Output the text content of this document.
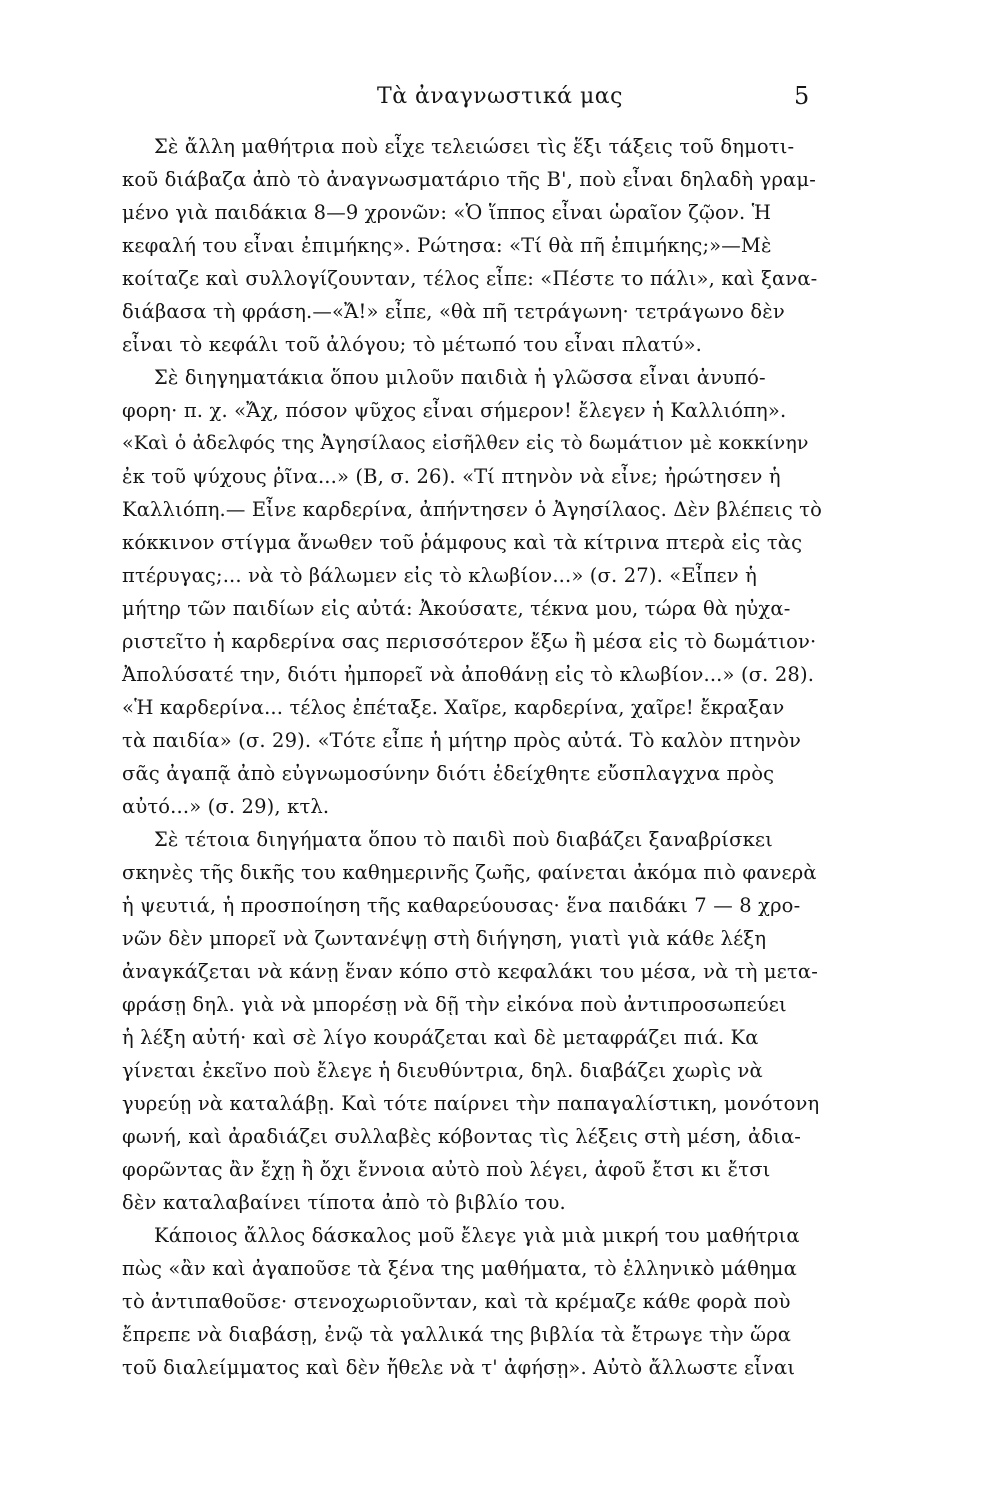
Τὰ ἀναγνωστικά μας	5

Σὲ ἄλλη μαθήτρια ποὺ εἶχε τελειώσει τὶς ἕξι τάξεις τοῦ δημοτι-

κοῦ διάβαζα ἀπὸ τὸ ἀναγνωσματάριο τῆς Β', ποὺ εἶναι δηλαδὴ γραμ-

μένο γιὰ παιδάκια 8—9 χρονῶν: «Ὁ ἵππος εἶναι ὡραῖον ζῷον. Ἡ

κεφαλή του εἶναι ἐπιμήκης». Ρώτησα: «Τί θὰ πῆ ἐπιμήκης;»—Μὲ

κοίταζε καὶ συλλογίζουνταν, τέλος εἶπε: «Πέστε το πάλι», καὶ ξανα-

διάβασα τὴ φράση.—«Ἄ!» εἶπε, «θὰ πῆ τετράγωνη· τετράγωνο δὲν

εἶναι τὸ κεφάλι τοῦ ἀλόγου; τὸ μέτωπό του εἶναι πλατύ».

Σὲ διηγηματάκια ὅπου μιλοῦν παιδιὰ ἡ γλῶσσα εἶναι ἀνυπό-

φορη· π. χ. «Ἄχ, πόσον ψῦχος εἶναι σήμερον! ἔλεγεν ἡ Καλλιόπη».

«Καὶ ὁ ἀδελφός της Ἀγησίλαος εἰσῆλθεν εἰς τὸ δωμάτιον μὲ κοκκίνην

ἐκ τοῦ ψύχους ῥῖνα...» (Β, σ. 26). «Τί πτηνὸν νὰ εἶνε; ἠρώτησεν ἡ

Καλλιόπη.— Εἶνε καρδερίνα, ἀπήντησεν ὁ Ἀγησίλαος. Δὲν βλέπεις τὸ

κόκκινον στίγμα ἄνωθεν τοῦ ῥάμφους καὶ τὰ κίτρινα πτερὰ εἰς τὰς

πτέρυγας;... νὰ τὸ βάλωμεν εἰς τὸ κλωβίον...» (σ. 27). «Εἶπεν ἡ

μήτηρ τῶν παιδίων εἰς αὐτά: Ἀκούσατε, τέκνα μου, τώρα θὰ ηὐχα-

ριστεῖτο ἡ καρδερίνα σας περισσότερον ἔξω ἢ μέσα εἰς τὸ δωμάτιον·

Ἀπολύσατέ την, διότι ἠμπορεῖ νὰ ἀποθάνῃ εἰς τὸ κλωβίον...» (σ. 28).

«Ἡ καρδερίνα... τέλος ἐπέταξε. Χαῖρε, καρδερίνα, χαῖρε! ἔκραξαν

τὰ παιδία» (σ. 29). «Τότε εἶπε ἡ μήτηρ πρὸς αὐτά. Τὸ καλὸν πτηνὸν

σᾶς ἀγαπᾷ ἀπὸ εὐγνωμοσύνην διότι ἐδείχθητε εὔσπλαγχνα πρὸς

αὐτό...» (σ. 29), κτλ.

Σὲ τέτοια διηγήματα ὅπου τὸ παιδὶ ποὺ διαβάζει ξαναβρίσκει

σκηνὲς τῆς δικῆς του καθημερινῆς ζωῆς, φαίνεται ἀκόμα πιὸ φανερὰ

ἡ ψευτιά, ἡ προσποίηση τῆς καθαρεύουσας· ἕνα παιδάκι 7 — 8 χρο-

νῶν δὲν μπορεῖ νὰ ζωντανέψῃ στὴ διήγηση, γιατὶ γιὰ κάθε λέξη

ἀναγκάζεται νὰ κάνῃ ἕναν κόπο στὸ κεφαλάκι του μέσα, νὰ τὴ μετα-

φράσῃ δηλ. γιὰ νὰ μπορέσῃ νὰ δῇ τὴν εἰκόνα ποὺ ἀντιπροσωπεύει

ἡ λέξη αὐτή· καὶ σὲ λίγο κουράζεται καὶ δὲ μεταφράζει πιά. Κα

γίνεται ἐκεῖνο ποὺ ἔλεγε ἡ διευθύντρια, δηλ. διαβάζει χωρὶς νὰ

γυρεύῃ νὰ καταλάβῃ. Καὶ τότε παίρνει τὴν παπαγαλίστικη, μονότονη

φωνή, καὶ ἀραδιάζει συλλαβὲς κόβοντας τὶς λέξεις στὴ μέση, ἀδια-

φορῶντας ἂν ἔχῃ ἢ ὄχι ἔννοια αὐτὸ ποὺ λέγει, ἀφοῦ ἔτσι κι ἔτσι

δὲν καταλαβαίνει τίποτα ἀπὸ τὸ βιβλίο του.

Κάποιος ἄλλος δάσκαλος μοῦ ἔλεγε γιὰ μιὰ μικρή του μαθήτρια

πὼς «ἂν καὶ ἀγαποῦσε τὰ ξένα της μαθήματα, τὸ ἑλληνικὸ μάθημα

τὸ ἀντιπαθοῦσε· στενοχωριοῦνταν, καὶ τὰ κρέμαζε κάθε φορὰ ποὺ

ἔπρεπε νὰ διαβάσῃ, ἐνῷ τὰ γαλλικά της βιβλία τὰ ἔτρωγε τὴν ὥρα

τοῦ διαλείμματος καὶ δὲν ἤθελε νὰ τ' ἀφήσῃ». Αὐτὸ ἄλλωστε εἶναι
